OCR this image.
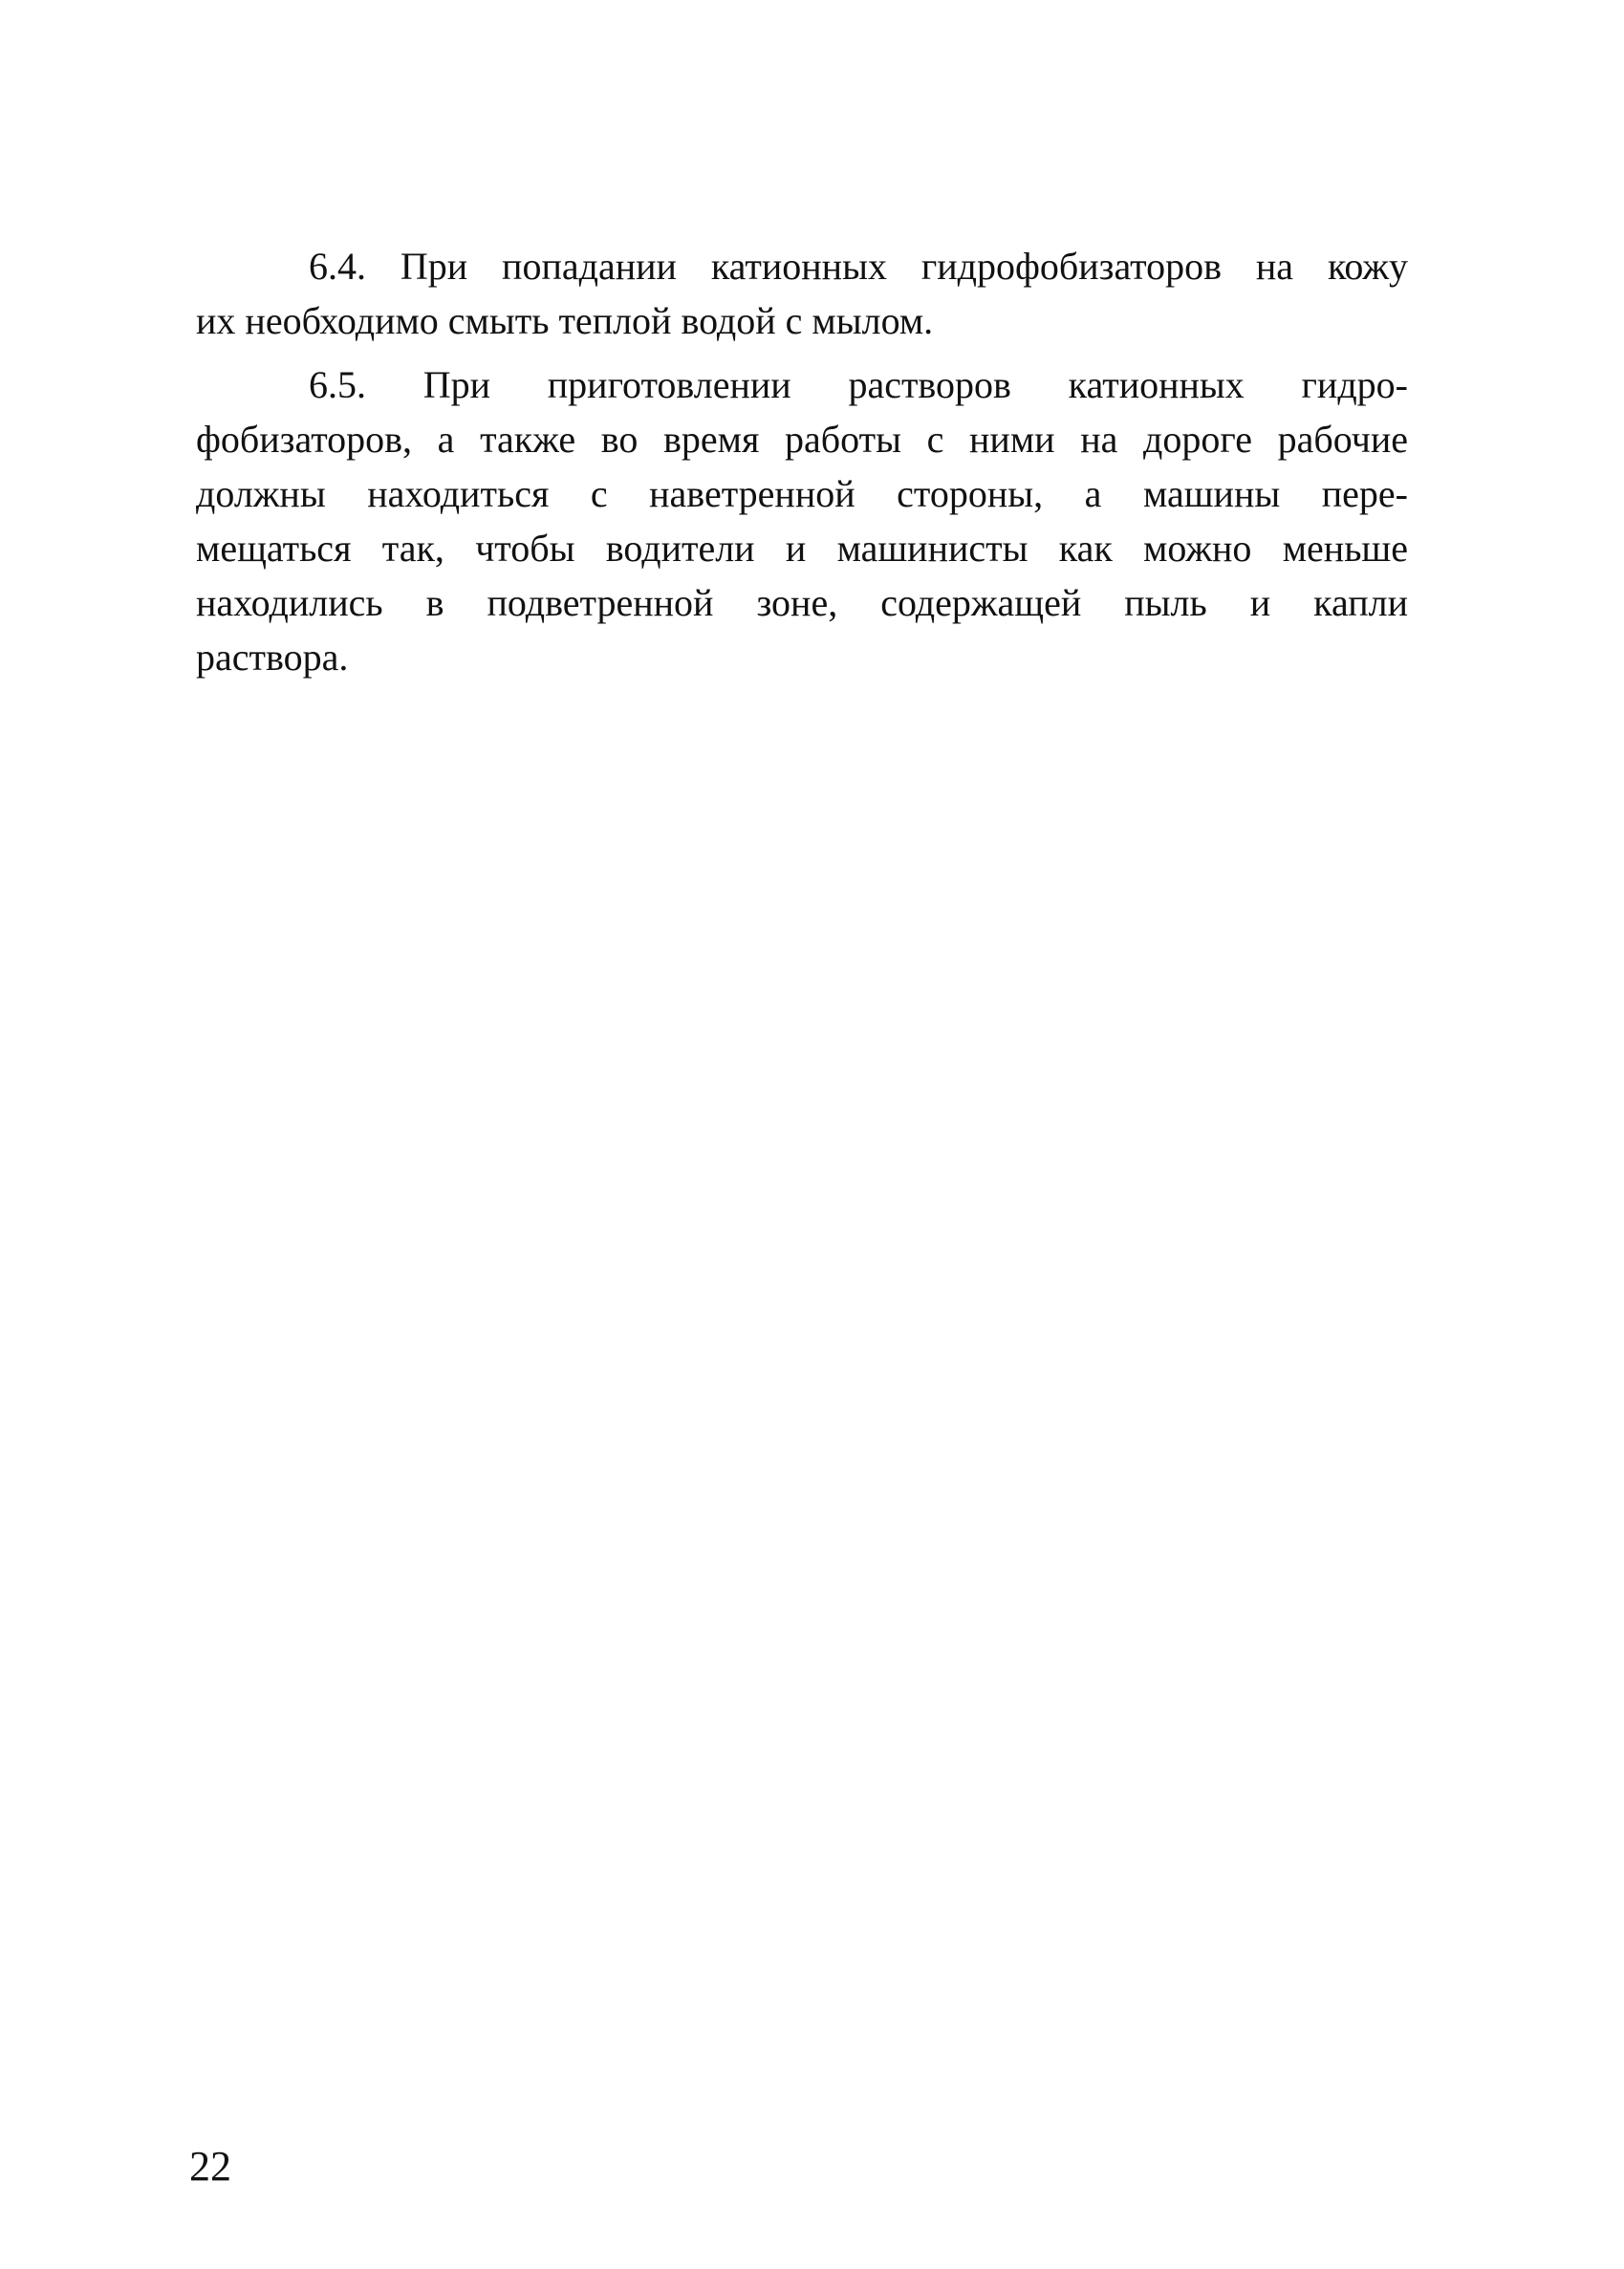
6.4. При попадании катионных гидрофобизаторов на кожу

их необходимо смыть теплой водой с мылом.

6.5. При приготовлении растворов катионных гидро-

фобизаторов, а также во время работы с ними на дороге рабочие

должны находиться с наветренной стороны, а машины пере-

мещаться так, чтобы водители и машинисты как можно меньше

находились в подветренной зоне, содержащей пыль и капли

раствора.

22
